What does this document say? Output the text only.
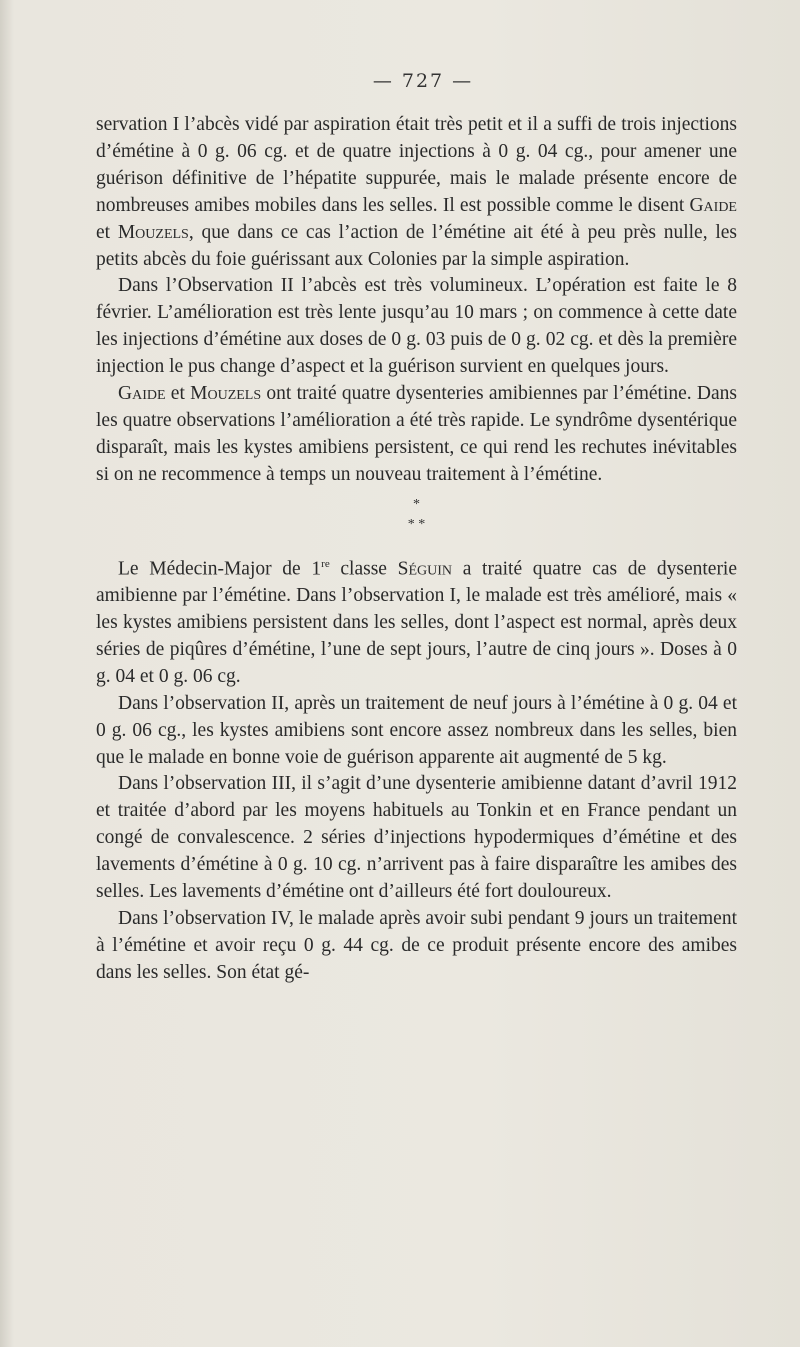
— 727 —

servation I l’abcès vidé par aspiration était très petit et il a suffi de trois injections d’émétine à 0 g. 06 cg. et de quatre injections à 0 g. 04 cg., pour amener une guérison définitive de l’hépatite suppurée, mais le malade présente encore de nombreuses amibes mobiles dans les selles. Il est possible comme le disent Gaide et Mouzels, que dans ce cas l’action de l’émétine ait été à peu près nulle, les petits abcès du foie guérissant aux Colonies par la simple aspiration.

Dans l’Observation II l’abcès est très volumineux. L’opération est faite le 8 février. L’amélioration est très lente jusqu’au 10 mars ; on commence à cette date les injections d’émétine aux doses de 0 g. 03 puis de 0 g. 02 cg. et dès la première injection le pus change d’aspect et la guérison survient en quelques jours.

Gaide et Mouzels ont traité quatre dysenteries amibiennes par l’émétine. Dans les quatre observations l’amélioration a été très rapide. Le syndrôme dysentérique disparaît, mais les kystes amibiens persistent, ce qui rend les rechutes inévitables si on ne recommence à temps un nouveau traitement à l’émétine.

*
* *

Le Médecin-Major de 1re classe Séguin a traité quatre cas de dysenterie amibienne par l’émétine. Dans l’observation I, le malade est très amélioré, mais « les kystes amibiens persistent dans les selles, dont l’aspect est normal, après deux séries de piqûres d’émétine, l’une de sept jours, l’autre de cinq jours ». Doses à 0 g. 04 et 0 g. 06 cg.

Dans l’observation II, après un traitement de neuf jours à l’émétine à 0 g. 04 et 0 g. 06 cg., les kystes amibiens sont encore assez nombreux dans les selles, bien que le malade en bonne voie de guérison apparente ait augmenté de 5 kg.

Dans l’observation III, il s’agit d’une dysenterie amibienne datant d’avril 1912 et traitée d’abord par les moyens habituels au Tonkin et en France pendant un congé de convalescence. 2 séries d’injections hypodermiques d’émétine et des lavements d’émétine à 0 g. 10 cg. n’arrivent pas à faire disparaître les amibes des selles. Les lavements d’émétine ont d’ailleurs été fort douloureux.

Dans l’observation IV, le malade après avoir subi pendant 9 jours un traitement à l’émétine et avoir reçu 0 g. 44 cg. de ce produit présente encore des amibes dans les selles. Son état gé-
